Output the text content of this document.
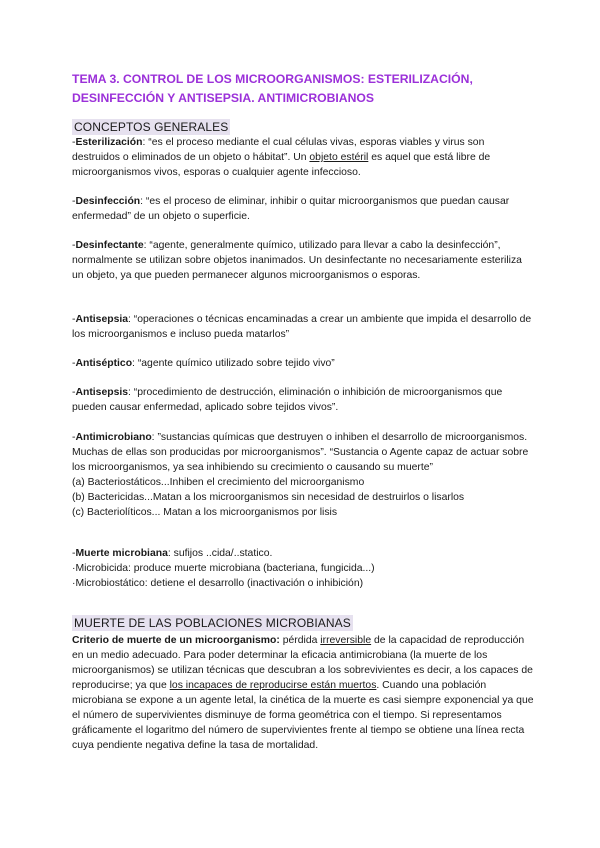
TEMA 3. CONTROL DE LOS MICROORGANISMOS: ESTERILIZACIÓN, DESINFECCIÓN Y ANTISEPSIA. ANTIMICROBIANOS
CONCEPTOS GENERALES

-Esterilización: “es el proceso mediante el cual células vivas, esporas viables y virus son destruidos o eliminados de un objeto o hábitat”. Un objeto estéril es aquel que está libre de microorganismos vivos, esporas o cualquier agente infeccioso.

-Desinfección: “es el proceso de eliminar, inhibir o quitar microorganismos que puedan causar enfermedad” de un objeto o superficie.

-Desinfectante: “agente, generalmente químico, utilizado para llevar a cabo la desinfección”, normalmente se utilizan sobre objetos inanimados. Un desinfectante no necesariamente esteriliza un objeto, ya que pueden permanecer algunos microorganismos o esporas.

-Antisepsia: “operaciones o técnicas encaminadas a crear un ambiente que impida el desarrollo de los microorganismos e incluso pueda matarlos”

-Antiséptico: “agente químico utilizado sobre tejido vivo”

-Antisepsis: “procedimiento de destrucción, eliminación o inhibición de microorganismos que pueden causar enfermedad, aplicado sobre tejidos vivos”.

-Antimicrobiano: ”sustancias químicas que destruyen o inhiben el desarrollo de microorganismos. Muchas de ellas son producidas por microorganismos”. “Sustancia o Agente capaz de actuar sobre los microorganismos, ya sea inhibiendo su crecimiento o causando su muerte”

(a) Bacteriostáticos...Inhiben el crecimiento del microorganismo

(b) Bactericidas...Matan a los microorganismos sin necesidad de destruirlos o lisarlos

(c) Bacteriolíticos... Matan a los microorganismos por lisis

-Muerte microbiana: sufijos ..cida/..statico.

·Microbicida: produce muerte microbiana (bacteriana, fungicida...)

·Microbiostático: detiene el desarrollo (inactivación o inhibición)

MUERTE DE LAS POBLACIONES MICROBIANAS

Criterio de muerte de un microorganismo: pérdida irreversible de la capacidad de reproducción en un medio adecuado. Para poder determinar la eficacia antimicrobiana (la muerte de los microorganismos) se utilizan técnicas que descubran a los sobrevivientes es decir, a los capaces de reproducirse; ya que los incapaces de reproducirse están muertos. Cuando una población microbiana se expone a un agente letal, la cinética de la muerte es casi siempre exponencial ya que el número de supervivientes disminuye de forma geométrica con el tiempo. Si representamos gráficamente el logaritmo del número de supervivientes frente al tiempo se obtiene una línea recta cuya pendiente negativa define la tasa de mortalidad.
